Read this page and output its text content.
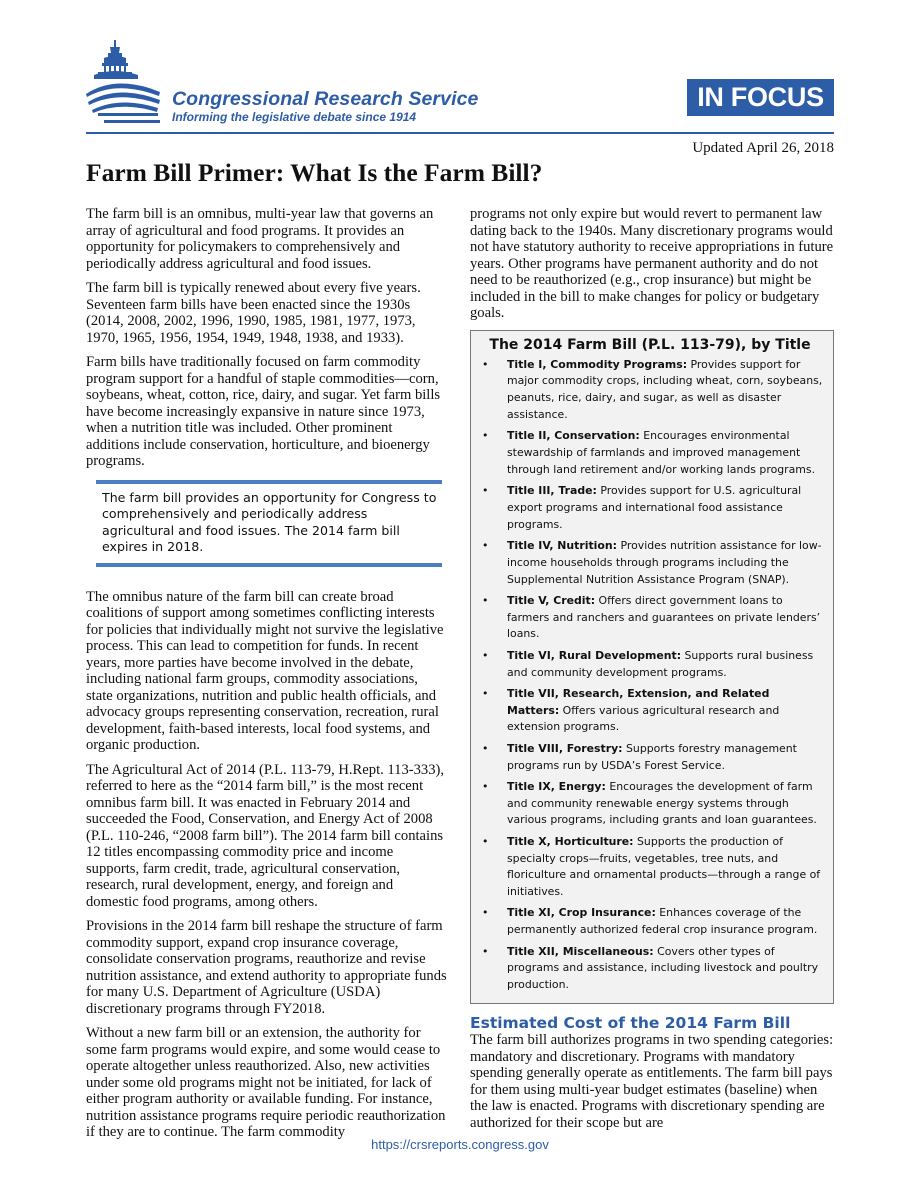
Congressional Research Service
Informing the legislative debate since 1914
IN FOCUS
Updated April 26, 2018
Farm Bill Primer: What Is the Farm Bill?

The farm bill is an omnibus, multi-year law that governs an array of agricultural and food programs. It provides an opportunity for policymakers to comprehensively and periodically address agricultural and food issues.

The farm bill is typically renewed about every five years. Seventeen farm bills have been enacted since the 1930s (2014, 2008, 2002, 1996, 1990, 1985, 1981, 1977, 1973, 1970, 1965, 1956, 1954, 1949, 1948, 1938, and 1933).

Farm bills have traditionally focused on farm commodity program support for a handful of staple commodities—corn, soybeans, wheat, cotton, rice, dairy, and sugar. Yet farm bills have become increasingly expansive in nature since 1973, when a nutrition title was included. Other prominent additions include conservation, horticulture, and bioenergy programs.

The farm bill provides an opportunity for Congress to comprehensively and periodically address agricultural and food issues. The 2014 farm bill expires in 2018.

The omnibus nature of the farm bill can create broad coalitions of support among sometimes conflicting interests for policies that individually might not survive the legislative process. This can lead to competition for funds. In recent years, more parties have become involved in the debate, including national farm groups, commodity associations, state organizations, nutrition and public health officials, and advocacy groups representing conservation, recreation, rural development, faith-based interests, local food systems, and organic production.

The Agricultural Act of 2014 (P.L. 113-79, H.Rept. 113-333), referred to here as the “2014 farm bill,” is the most recent omnibus farm bill. It was enacted in February 2014 and succeeded the Food, Conservation, and Energy Act of 2008 (P.L. 110-246, “2008 farm bill”). The 2014 farm bill contains 12 titles encompassing commodity price and income supports, farm credit, trade, agricultural conservation, research, rural development, energy, and foreign and domestic food programs, among others.

Provisions in the 2014 farm bill reshape the structure of farm commodity support, expand crop insurance coverage, consolidate conservation programs, reauthorize and revise nutrition assistance, and extend authority to appropriate funds for many U.S. Department of Agriculture (USDA) discretionary programs through FY2018.

Without a new farm bill or an extension, the authority for some farm programs would expire, and some would cease to operate altogether unless reauthorized. Also, new activities under some old programs might not be initiated, for lack of either program authority or available funding. For instance, nutrition assistance programs require periodic reauthorization if they are to continue. The farm commodity

programs not only expire but would revert to permanent law dating back to the 1940s. Many discretionary programs would not have statutory authority to receive appropriations in future years. Other programs have permanent authority and do not need to be reauthorized (e.g., crop insurance) but might be included in the bill to make changes for policy or budgetary goals.

The 2014 Farm Bill (P.L. 113-79), by Title
• Title I, Commodity Programs: Provides support for major commodity crops, including wheat, corn, soybeans, peanuts, rice, dairy, and sugar, as well as disaster assistance.
• Title II, Conservation: Encourages environmental stewardship of farmlands and improved management through land retirement and/or working lands programs.
• Title III, Trade: Provides support for U.S. agricultural export programs and international food assistance programs.
• Title IV, Nutrition: Provides nutrition assistance for low-income households through programs including the Supplemental Nutrition Assistance Program (SNAP).
• Title V, Credit: Offers direct government loans to farmers and ranchers and guarantees on private lenders’ loans.
• Title VI, Rural Development: Supports rural business and community development programs.
• Title VII, Research, Extension, and Related Matters: Offers various agricultural research and extension programs.
• Title VIII, Forestry: Supports forestry management programs run by USDA’s Forest Service.
• Title IX, Energy: Encourages the development of farm and community renewable energy systems through various programs, including grants and loan guarantees.
• Title X, Horticulture: Supports the production of specialty crops—fruits, vegetables, tree nuts, and floriculture and ornamental products—through a range of initiatives.
• Title XI, Crop Insurance: Enhances coverage of the permanently authorized federal crop insurance program.
• Title XII, Miscellaneous: Covers other types of programs and assistance, including livestock and poultry production.
Estimated Cost of the 2014 Farm Bill

The farm bill authorizes programs in two spending categories: mandatory and discretionary. Programs with mandatory spending generally operate as entitlements. The farm bill pays for them using multi-year budget estimates (baseline) when the law is enacted. Programs with discretionary spending are authorized for their scope but are

https://crsreports.congress.gov
